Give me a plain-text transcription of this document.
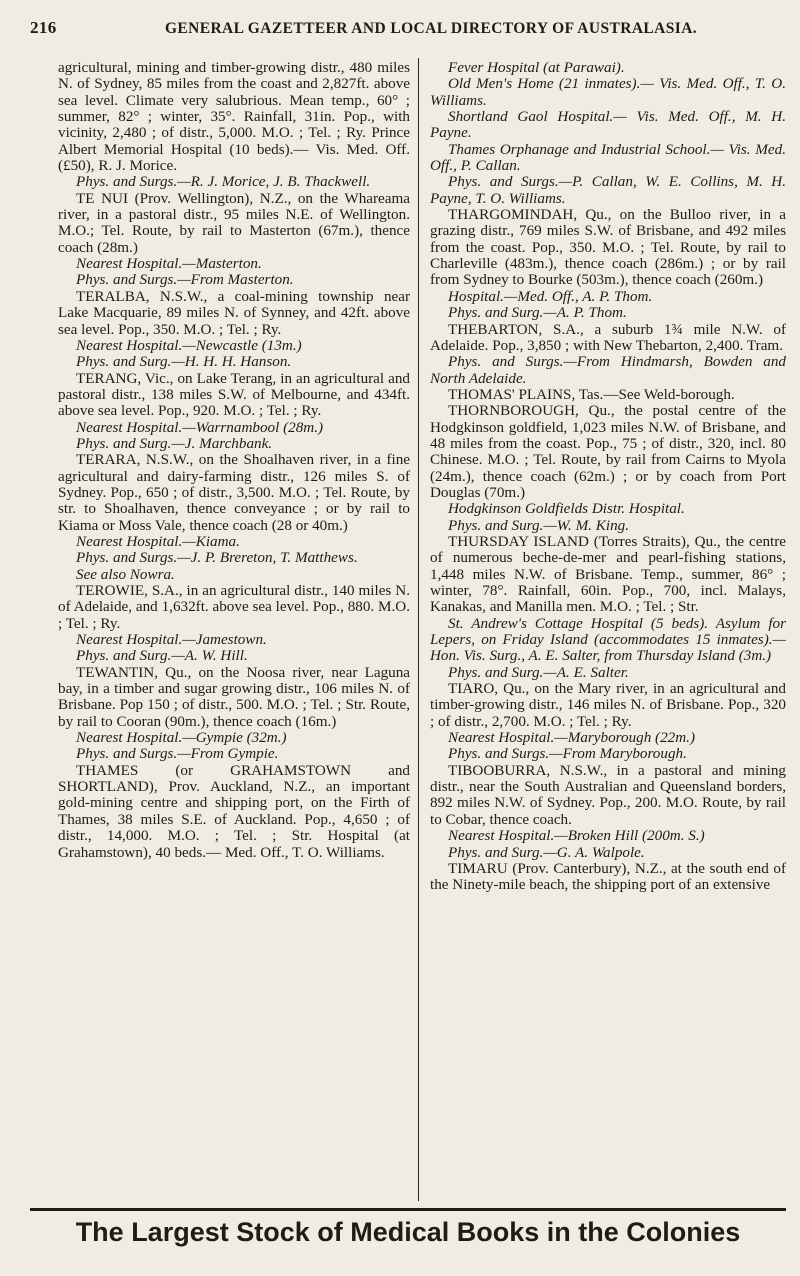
216	GENERAL GAZETTEER AND LOCAL DIRECTORY OF AUSTRALASIA.

agricultural, mining and timber-growing distr., 480 miles N. of Sydney, 85 miles from the coast and 2,827ft. above sea level. Climate very salubrious. Mean temp., 60° ; summer, 82° ; winter, 35°. Rainfall, 31in. Pop., with vicinity, 2,480 ; of distr., 5,000. M.O. ; Tel. ; Ry. Prince Albert Memorial Hospital (10 beds).— Vis. Med. Off. (£50), R. J. Morice.

Phys. and Surgs.—R. J. Morice, J. B. Thackwell.

TE NUI (Prov. Wellington), N.Z., on the Whareama river, in a pastoral distr., 95 miles N.E. of Wellington. M.O.; Tel. Route, by rail to Masterton (67m.), thence coach (28m.)

Nearest Hospital.—Masterton.

Phys. and Surgs.—From Masterton.

TERALBA, N.S.W., a coal-mining township near Lake Macquarie, 89 miles N. of Synney, and 42ft. above sea level. Pop., 350. M.O. ; Tel. ; Ry.

Nearest Hospital.—Newcastle (13m.)

Phys. and Surg.—H. H. H. Hanson.

TERANG, Vic., on Lake Terang, in an agricultural and pastoral distr., 138 miles S.W. of Melbourne, and 434ft. above sea level. Pop., 920. M.O. ; Tel. ; Ry.

Nearest Hospital.—Warrnambool (28m.)

Phys. and Surg.—J. Marchbank.

TERARA, N.S.W., on the Shoalhaven river, in a fine agricultural and dairy-farming distr., 126 miles S. of Sydney. Pop., 650 ; of distr., 3,500. M.O. ; Tel. Route, by str. to Shoalhaven, thence conveyance ; or by rail to Kiama or Moss Vale, thence coach (28 or 40m.)

Nearest Hospital.—Kiama.

Phys. and Surgs.—J. P. Brereton, T. Matthews.

See also Nowra.

TEROWIE, S.A., in an agricultural distr., 140 miles N. of Adelaide, and 1,632ft. above sea level. Pop., 880. M.O. ; Tel. ; Ry.

Nearest Hospital.—Jamestown.

Phys. and Surg.—A. W. Hill.

TEWANTIN, Qu., on the Noosa river, near Laguna bay, in a timber and sugar growing distr., 106 miles N. of Brisbane. Pop 150 ; of distr., 500. M.O. ; Tel. ; Str. Route, by rail to Cooran (90m.), thence coach (16m.)

Nearest Hospital.—Gympie (32m.)

Phys. and Surgs.—From Gympie.

THAMES (or GRAHAMSTOWN and SHORTLAND), Prov. Auckland, N.Z., an important gold-mining centre and shipping port, on the Firth of Thames, 38 miles S.E. of Auckland. Pop., 4,650 ; of distr., 14,000. M.O. ; Tel. ; Str. Hospital (at Grahamstown), 40 beds.— Med. Off., T. O. Williams.

Fever Hospital (at Parawai).

Old Men's Home (21 inmates).— Vis. Med. Off., T. O. Williams.

Shortland Gaol Hospital.— Vis. Med. Off., M. H. Payne.

Thames Orphanage and Industrial School.— Vis. Med. Off., P. Callan.

Phys. and Surgs.—P. Callan, W. E. Collins, M. H. Payne, T. O. Williams.

THARGOMINDAH, Qu., on the Bulloo river, in a grazing distr., 769 miles S.W. of Brisbane, and 492 miles from the coast. Pop., 350. M.O. ; Tel. Route, by rail to Charleville (483m.), thence coach (286m.) ; or by rail from Sydney to Bourke (503m.), thence coach (260m.)

Hospital.—Med. Off., A. P. Thom.

Phys. and Surg.—A. P. Thom.

THEBARTON, S.A., a suburb 1¾ mile N.W. of Adelaide. Pop., 3,850 ; with New Thebarton, 2,400. Tram.

Phys. and Surgs.—From Hindmarsh, Bowden and North Adelaide.

THOMAS' PLAINS, Tas.—See Weld-borough.

THORNBOROUGH, Qu., the postal centre of the Hodgkinson goldfield, 1,023 miles N.W. of Brisbane, and 48 miles from the coast. Pop., 75 ; of distr., 320, incl. 80 Chinese. M.O. ; Tel. Route, by rail from Cairns to Myola (24m.), thence coach (62m.) ; or by coach from Port Douglas (70m.)

Hodgkinson Goldfields Distr. Hospital.

Phys. and Surg.—W. M. King.

THURSDAY ISLAND (Torres Straits), Qu., the centre of numerous beche-de-mer and pearl-fishing stations, 1,448 miles N.W. of Brisbane. Temp., summer, 86° ; winter, 78°. Rainfall, 60in. Pop., 700, incl. Malays, Kanakas, and Manilla men. M.O. ; Tel. ; Str.

St. Andrew's Cottage Hospital (5 beds). Asylum for Lepers, on Friday Island (accommodates 15 inmates).—Hon. Vis. Surg., A. E. Salter, from Thursday Island (3m.)

Phys. and Surg.—A. E. Salter.

TIARO, Qu., on the Mary river, in an agricultural and timber-growing distr., 146 miles N. of Brisbane. Pop., 320 ; of distr., 2,700. M.O. ; Tel. ; Ry.

Nearest Hospital.—Maryborough (22m.)

Phys. and Surgs.—From Maryborough.

TIBOOBURRA, N.S.W., in a pastoral and mining distr., near the South Australian and Queensland borders, 892 miles N.W. of Sydney. Pop., 200. M.O. Route, by rail to Cobar, thence coach.

Nearest Hospital.—Broken Hill (200m. S.)

Phys. and Surg.—G. A. Walpole.

TIMARU (Prov. Canterbury), N.Z., at the south end of the Ninety-mile beach, the shipping port of an extensive

The Largest Stock of Medical Books in the Colonies
